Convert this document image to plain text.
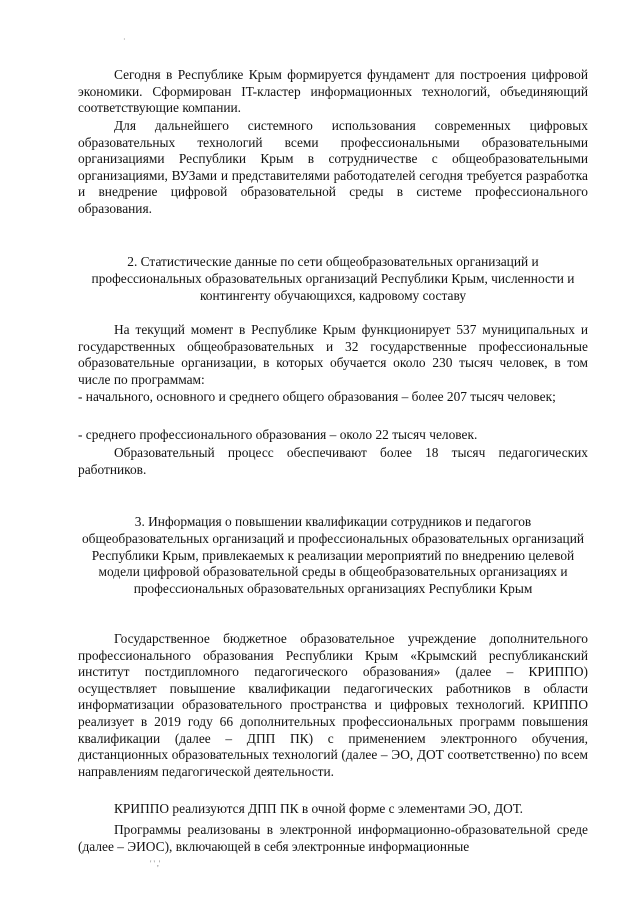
·

Сегодня в Республике Крым формируется фундамент для построения цифровой экономики. Сформирован IT-кластер информационных технологий, объединяющий соответствующие компании.

Для дальнейшего системного использования современных цифровых образовательных технологий всеми профессиональными образовательными организациями Республики Крым в сотрудничестве с общеобразовательными организациями, ВУЗами и представителями работодателей сегодня требуется разработка и внедрение цифровой образовательной среды в системе профессионального образования.

2. Статистические данные по сети общеобразовательных организаций и профессиональных образовательных организаций Республики Крым, численности и контингенту обучающихся, кадровому составу

На текущий момент в Республике Крым функционирует 537 муниципальных и государственных общеобразовательных и 32 государственные профессиональные образовательные организации, в которых обучается около 230 тысяч человек, в том числе по программам:

- начального, основного и среднего общего образования – более 207 тысяч человек;

- среднего профессионального образования – около 22 тысяч человек.

Образовательный процесс обеспечивают более 18 тысяч педагогических работников.

3. Информация о повышении квалификации сотрудников и педагогов общеобразовательных организаций и профессиональных образовательных организаций Республики Крым, привлекаемых к реализации мероприятий по внедрению целевой модели цифровой образовательной среды в общеобразовательных организациях и профессиональных образовательных организациях Республики Крым

Государственное бюджетное образовательное учреждение дополнительного профессионального образования Республики Крым «Крымский республиканский институт постдипломного педагогического образования» (далее – КРИППО) осуществляет повышение квалификации педагогических работников в области информатизации образовательного пространства и цифровых технологий. КРИППО реализует в 2019 году 66 дополнительных профессиональных программ повышения квалификации (далее – ДПП ПК) с применением электронного обучения, дистанционных образовательных технологий (далее – ЭО, ДОТ соответственно) по всем направлениям педагогической деятельности.

КРИППО реализуются ДПП ПК в очной форме с элементами ЭО, ДОТ.

Программы реализованы в электронной информационно-образовательной среде (далее – ЭИОС), включающей в себя электронные информационные

' ' ,'
